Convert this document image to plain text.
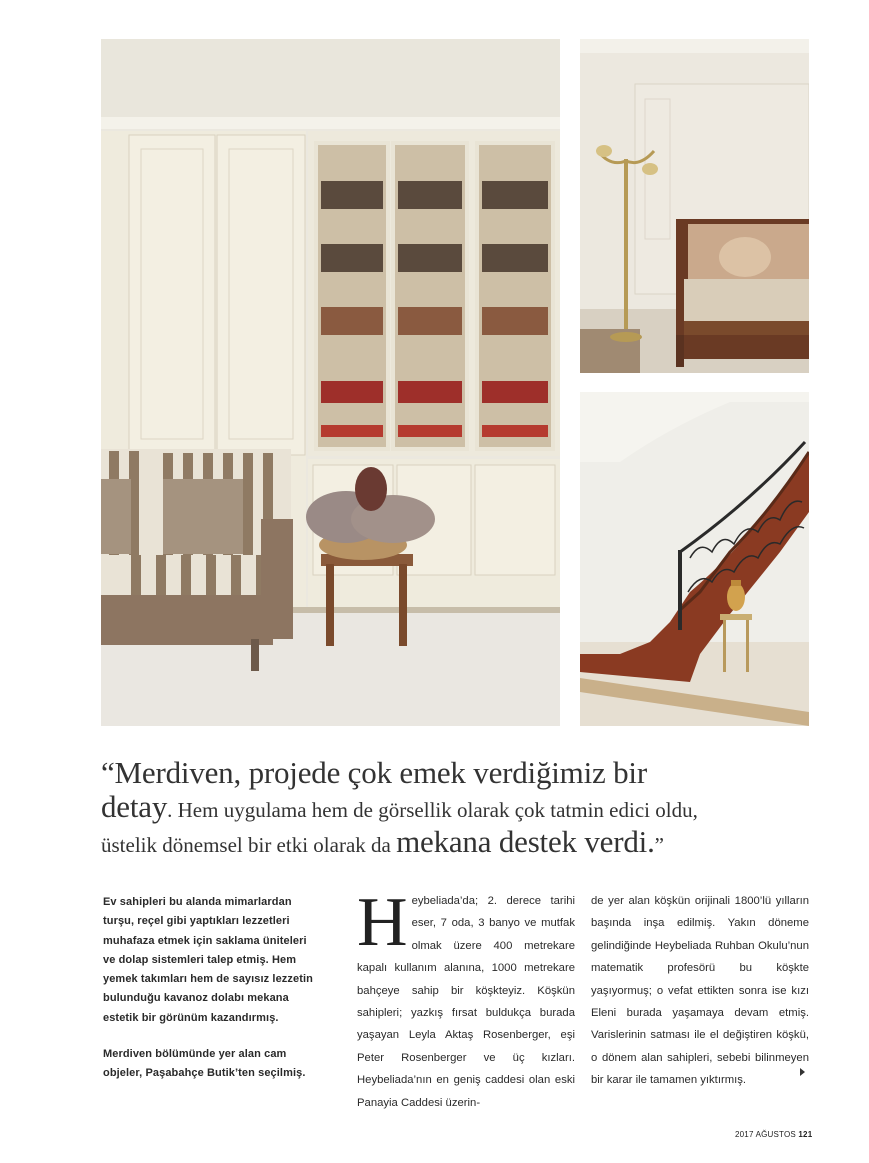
“Merdiven, projede çok emek verdiğimiz bir
detay. Hem uygulama hem de görsellik olarak çok tatmin edici oldu,
üstelik dönemsel bir etki olarak da mekana destek verdi.”

Ev sahipleri bu alanda mimarlardan turşu, reçel gibi yaptıkları lezzetleri muhafaza etmek için saklama üniteleri ve dolap sistemleri talep etmiş. Hem yemek takımları hem de sayısız lezzetin bulunduğu kavanoz dolabı mekana estetik bir görünüm kazandırmış.

Merdiven bölümünde yer alan cam objeler, Paşabahçe Butik’ten seçilmiş.

Heybeliada’da; 2. derece tarihi eser, 7 oda, 3 banyo ve mutfak olmak üzere 400 metrekare kapalı kullanım alanına, 1000 metrekare bahçeye sahip bir köşkteyiz. Köşkün sahipleri; yazkış fırsat buldukça burada yaşayan Leyla Aktaş Rosenberger, eşi Peter Rosenberger ve üç kızları. Heybeliada’nın en geniş caddesi olan eski Panayia Caddesi üzerin-
de yer alan köşkün orijinali 1800’lü yılların başında inşa edilmiş. Yakın döneme gelindiğinde Heybeliada Ruhban Okulu’nun matematik profesörü bu köşkte yaşıyormuş; o vefat ettikten sonra ise kızı Eleni burada yaşamaya devam etmiş. Varislerinin satması ile el değiştiren köşkü, o dönem alan sahipleri, sebebi bilinmeyen bir karar ile tamamen yıktırmış.
2017 AĞUSTOS 121
